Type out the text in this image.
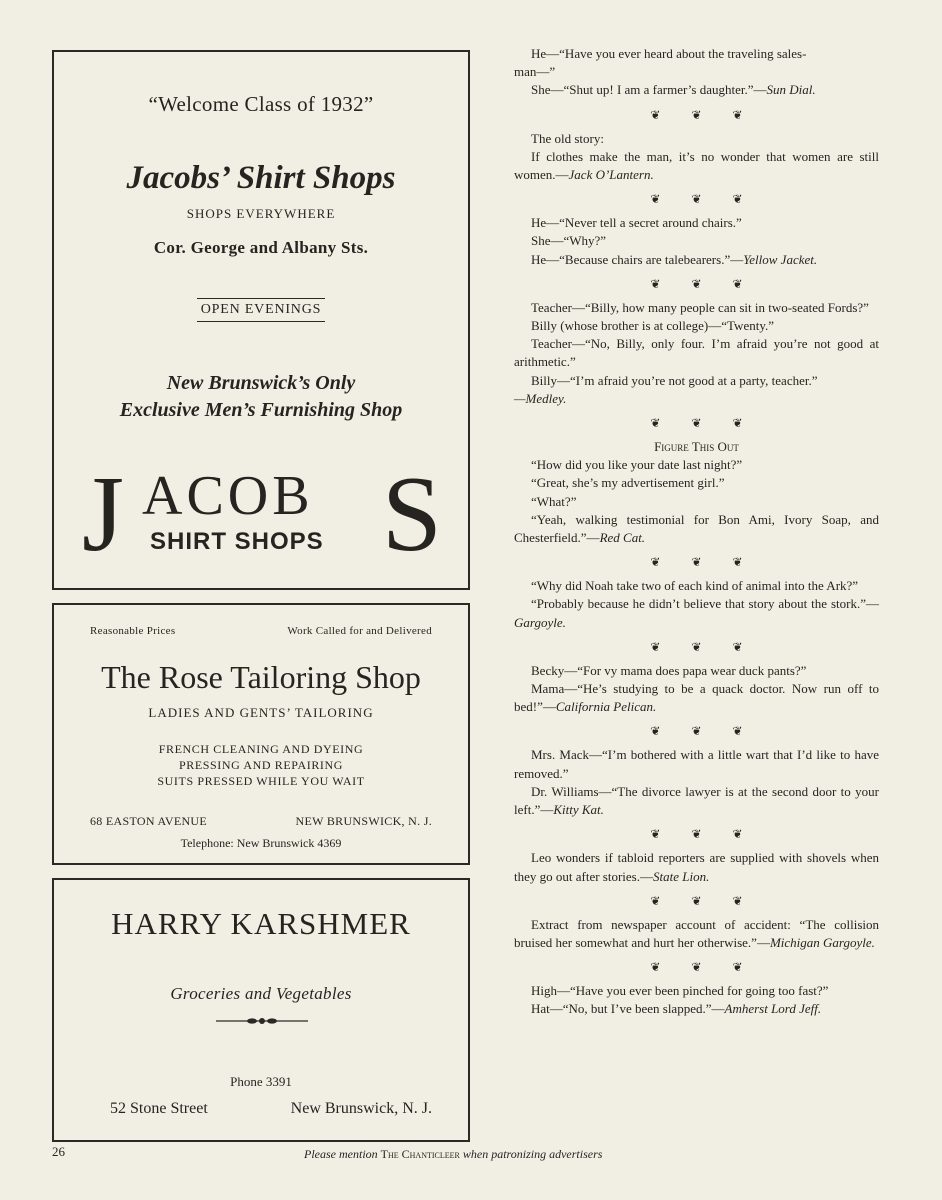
“Welcome Class of 1932”
Jacobs’ Shirt Shops
SHOPS EVERYWHERE
Cor. George and Albany Sts.
OPEN EVENINGS
New Brunswick’s Only
Exclusive Men’s Furnishing Shop
J ACOB
SHIRT SHOPS S
Reasonable Prices	Work Called for and Delivered
The Rose Tailoring Shop
LADIES AND GENTS’ TAILORING
FRENCH CLEANING AND DYEING
PRESSING AND REPAIRING
SUITS PRESSED WHILE YOU WAIT
68 EASTON AVENUE	NEW BRUNSWICK, N. J.
Telephone: New Brunswick 4369
HARRY KARSHMER
Groceries and Vegetables
Phone 3391
52 Stone Street	New Brunswick, N. J.

He—“Have you ever heard about the traveling sales-

man—”

She—“Shut up! I am a farmer’s daughter.”—Sun Dial.

❦ ❦ ❦

The old story:

If clothes make the man, it’s no wonder that women are still women.—Jack O’Lantern.

❦ ❦ ❦

He—“Never tell a secret around chairs.”

She—“Why?”

He—“Because chairs are talebearers.”—Yellow Jacket.

❦ ❦ ❦

Teacher—“Billy, how many people can sit in two-seated Fords?”

Billy (whose brother is at college)—“Twenty.”

Teacher—“No, Billy, only four. I’m afraid you’re not good at arithmetic.”

Billy—“I’m afraid you’re not good at a party, teacher.”

—Medley.

❦ ❦ ❦
Figure This Out

“How did you like your date last night?”

“Great, she’s my advertisement girl.”

“What?”

“Yeah, walking testimonial for Bon Ami, Ivory Soap, and Chesterfield.”—Red Cat.

❦ ❦ ❦

“Why did Noah take two of each kind of animal into the Ark?”

“Probably because he didn’t believe that story about the stork.”—Gargoyle.

❦ ❦ ❦

Becky—“For vy mama does papa wear duck pants?”

Mama—“He’s studying to be a quack doctor. Now run off to bed!”—California Pelican.

❦ ❦ ❦

Mrs. Mack—“I’m bothered with a little wart that I’d like to have removed.”

Dr. Williams—“The divorce lawyer is at the second door to your left.”—Kitty Kat.

❦ ❦ ❦

Leo wonders if tabloid reporters are supplied with shovels when they go out after stories.—State Lion.

❦ ❦ ❦

Extract from newspaper account of accident: “The collision bruised her somewhat and hurt her otherwise.”—Michigan Gargoyle.

❦ ❦ ❦

High—“Have you ever been pinched for going too fast?”

Hat—“No, but I’ve been slapped.”—Amherst Lord Jeff.

26	Please mention The Chanticleer when patronizing advertisers
